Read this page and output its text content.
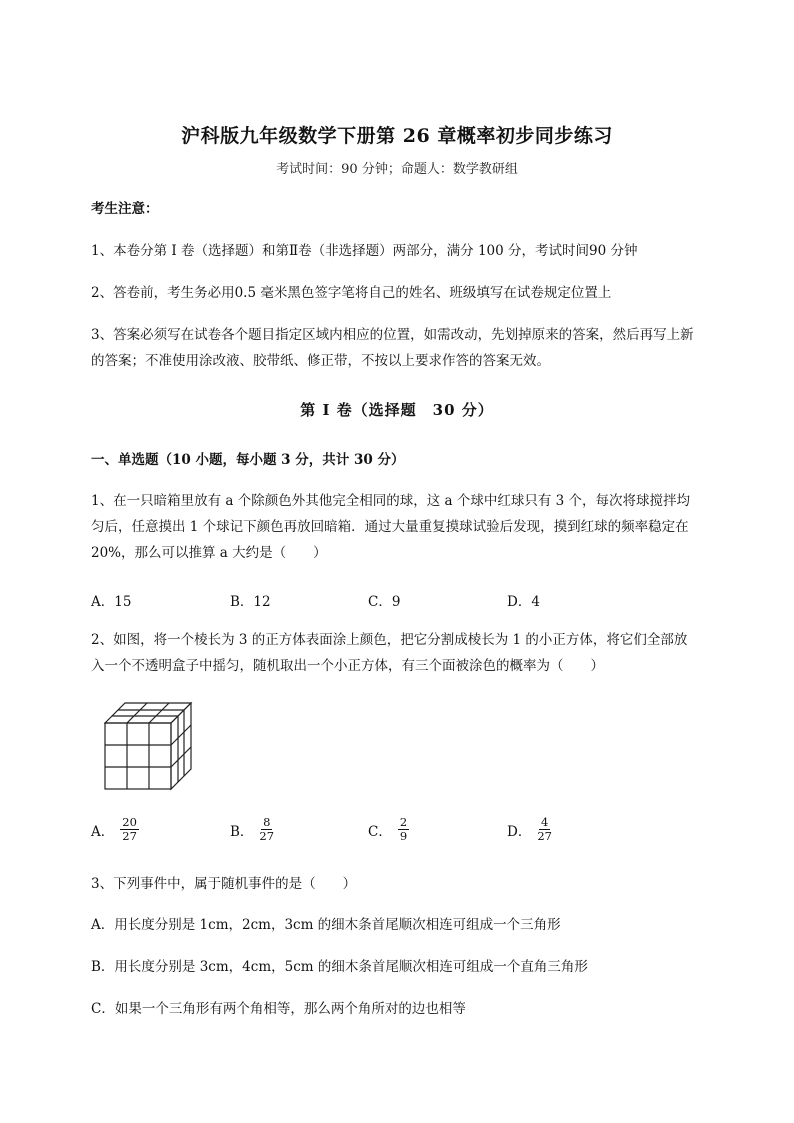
沪科版九年级数学下册第 26 章概率初步同步练习
考试时间：90 分钟；命题人：数学教研组
考生注意：
1、本卷分第 I 卷（选择题）和第Ⅱ卷（非选择题）两部分，满分 100 分，考试时间90 分钟
2、答卷前，考生务必用0.5 毫米黑色签字笔将自己的姓名、班级填写在试卷规定位置上
3、答案必须写在试卷各个题目指定区域内相应的位置，如需改动，先划掉原来的答案，然后再写上新
的答案；不准使用涂改液、胶带纸、修正带，不按以上要求作答的答案无效。
第 I 卷（选择题　30 分）
一、单选题（10 小题，每小题 3 分，共计 30 分）
1、在一只暗箱里放有 a 个除颜色外其他完全相同的球，这 a 个球中红球只有 3 个，每次将球搅拌均
匀后，任意摸出 1 个球记下颜色再放回暗箱．通过大量重复摸球试验后发现，摸到红球的频率稳定在
20%，那么可以推算 a 大约是（　　）
A．15	B．12	C．9	D．4
2、如图，将一个棱长为 3 的正方体表面涂上颜色，把它分割成棱长为 1 的小正方体，将它们全部放
入一个不透明盒子中摇匀，随机取出一个小正方体，有三个面被涂色的概率为（　　）
A． $\frac{20}{27}$	B． $\frac{8}{27}$	C． $\frac{2}{9}$	D． $\frac{4}{27}$
3、下列事件中，属于随机事件的是（　　）
A．用长度分别是 1cm，2cm，3cm 的细木条首尾顺次相连可组成一个三角形
B．用长度分别是 3cm，4cm，5cm 的细木条首尾顺次相连可组成一个直角三角形
C．如果一个三角形有两个角相等，那么两个角所对的边也相等
